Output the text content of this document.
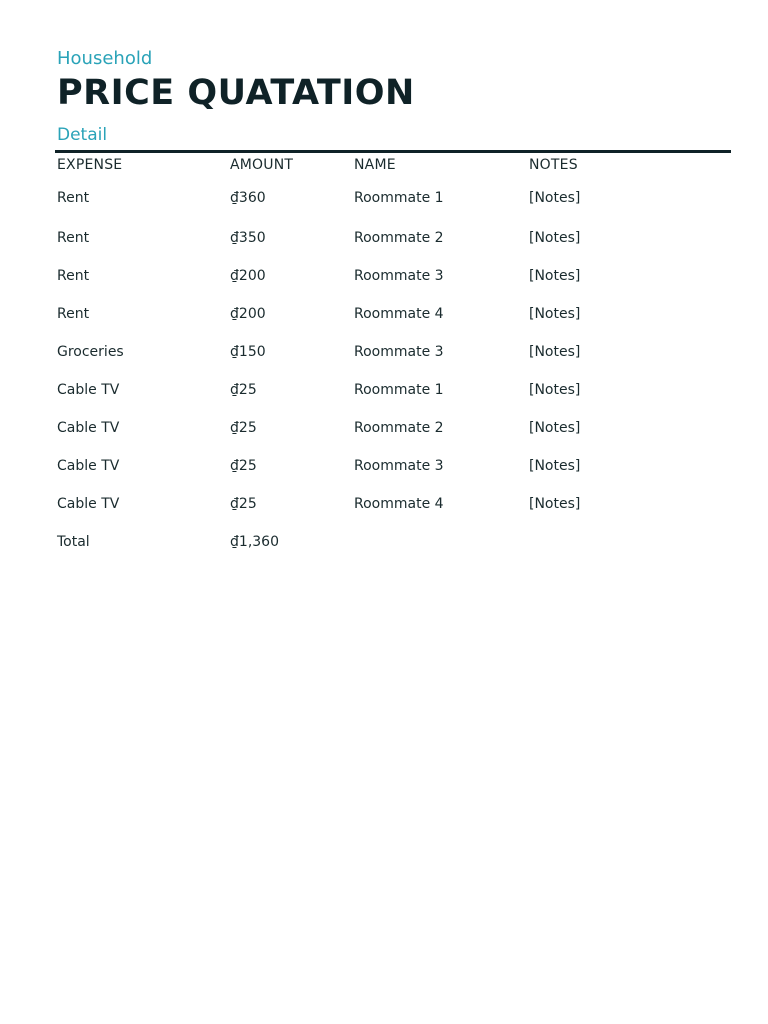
Household
PRICE QUATATION
Detail
EXPENSE	AMOUNT	NAME	NOTES
Rent	₫360	Roommate 1	[Notes]
Rent	₫350	Roommate 2	[Notes]
Rent	₫200	Roommate 3	[Notes]
Rent	₫200	Roommate 4	[Notes]
Groceries	₫150	Roommate 3	[Notes]
Cable TV	₫25	Roommate 1	[Notes]
Cable TV	₫25	Roommate 2	[Notes]
Cable TV	₫25	Roommate 3	[Notes]
Cable TV	₫25	Roommate 4	[Notes]
Total	₫1,360		
